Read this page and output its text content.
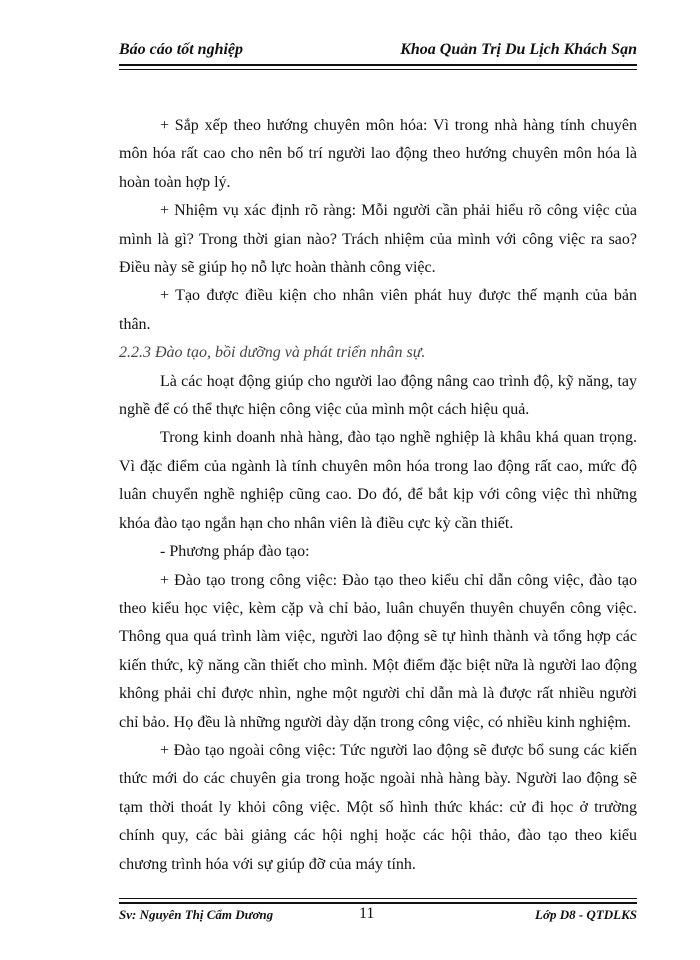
Báo cáo tốt nghiệp	Khoa Quản Trị Du Lịch Khách Sạn

+ Sắp xếp theo hướng chuyên môn hóa: Vì trong nhà hàng tính chuyên môn hóa rất cao cho nên bố trí người lao động theo hướng chuyên môn hóa là hoàn toàn hợp lý.

+ Nhiệm vụ xác định rõ ràng: Mỗi người cần phải hiểu rõ công việc của mình là gì? Trong thời gian nào? Trách nhiệm của mình với công việc ra sao? Điều này sẽ giúp họ nỗ lực hoàn thành công việc.

+ Tạo được điều kiện cho nhân viên phát huy được thế mạnh của bản thân.

2.2.3 Đào tạo, bồi dưỡng và phát triển nhân sự.

Là các hoạt động giúp cho người lao động nâng cao trình độ, kỹ năng, tay nghề để có thể thực hiện công việc của mình một cách hiệu quả.

Trong kinh doanh nhà hàng, đào tạo nghề nghiệp là khâu khá quan trọng. Vì đặc điểm của ngành là tính chuyên môn hóa trong lao động rất cao, mức độ luân chuyển nghề nghiệp cũng cao. Do đó, để bắt kịp với công việc thì những khóa đào tạo ngắn hạn cho nhân viên là điều cực kỳ cần thiết.

- Phương pháp đào tạo:

+ Đào tạo trong công việc: Đào tạo theo kiểu chỉ dẫn công việc, đào tạo theo kiểu học việc, kèm cặp và chỉ bảo, luân chuyển thuyên chuyển công việc. Thông qua quá trình làm việc, người lao động sẽ tự hình thành và tổng hợp các kiến thức, kỹ năng cần thiết cho mình. Một điểm đặc biệt nữa là người lao động không phải chỉ được nhìn, nghe một người chỉ dẫn mà là được rất nhiều người chỉ bảo. Họ đều là những người dày dặn trong công việc, có nhiều kinh nghiệm.

+ Đào tạo ngoài công việc: Tức người lao động sẽ được bổ sung các kiến thức mới do các chuyên gia trong hoặc ngoài nhà hàng bày. Người lao động sẽ tạm thời thoát ly khỏi công việc. Một số hình thức khác: cử đi học ở trường chính quy, các bài giảng các hội nghị hoặc các hội thảo, đào tạo theo kiểu chương trình hóa với sự giúp đỡ của máy tính.

Sv: Nguyên Thị Cẩm Dương	11	Lớp D8 - QTDLKS
